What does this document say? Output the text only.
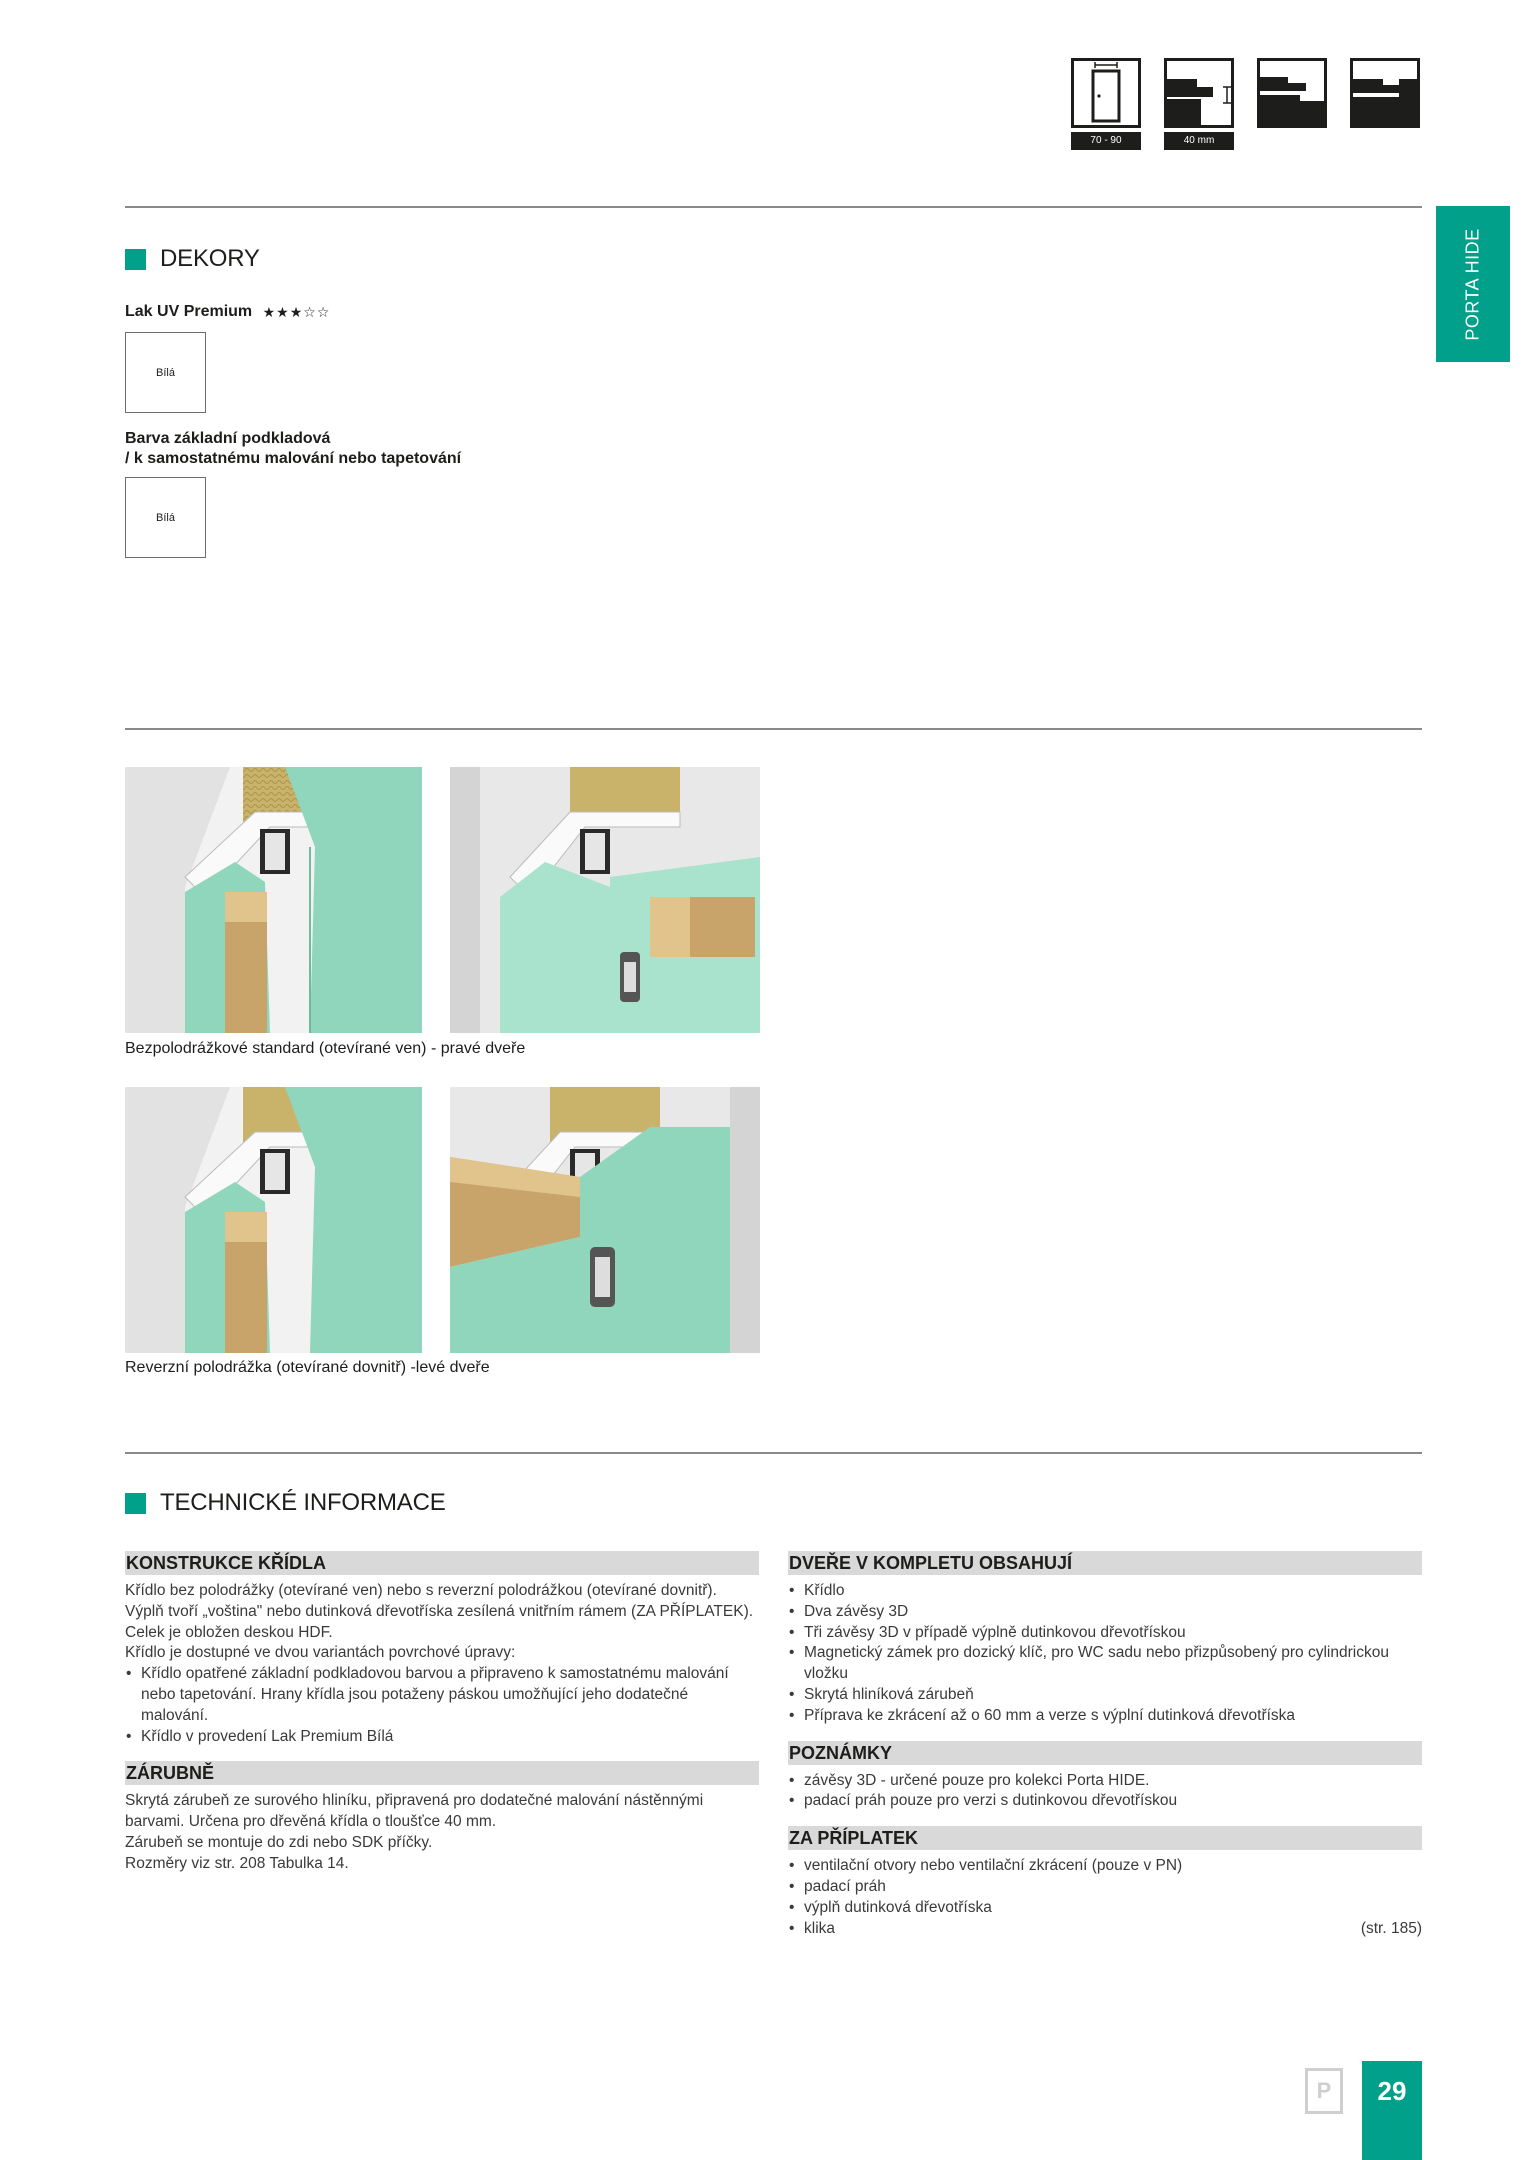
70 - 90	40 mm
PORTA HIDE
DEKORY
Lak UV Premium ★ ★ ★ ☆ ☆
Bílá
Barva základní podkladová
/ k samostatnému malování nebo tapetování
Bílá
Bezpolodrážkové standard (otevírané ven) - pravé dveře
Reverzní polodrážka (otevírané dovnitř) -levé dveře
TECHNICKÉ INFORMACE
KONSTRUKCE KŘÍDLA

Křídlo bez polodrážky (otevírané ven) nebo s reverzní polodrážkou (otevírané dovnitř).

Výplň tvoří „voština" nebo dutinková dřevotříska zesílená vnitřním rámem (ZA PŘÍPLATEK).

Celek je obložen deskou HDF.

Křídlo je dostupné ve dvou variantách povrchové úpravy:

• Křídlo opatřené základní podkladovou barvou a připraveno k samostatnému malování nebo tapetování. Hrany křídla jsou potaženy páskou umožňující jeho dodatečné malování.
• Křídlo v provedení Lak Premium Bílá
ZÁRUBNĚ

Skrytá zárubeň ze surového hliníku, připravená pro dodatečné malování nástěnnými barvami. Určena pro dřevěná křídla o tloušťce 40 mm.

Zárubeň se montuje do zdi nebo SDK příčky.

Rozměry viz str. 208 Tabulka 14.

DVEŘE V KOMPLETU OBSAHUJÍ
• Křídlo
• Dva závěsy 3D
• Tři závěsy 3D v případě výplně dutinkovou dřevotřískou
• Magnetický zámek pro dozický klíč, pro WC sadu nebo přizpůsobený pro cylindrickou vložku
• Skrytá hliníková zárubeň
• Příprava ke zkrácení až o 60 mm a verze s výplní dutinková dřevotříska
POZNÁMKY
• závěsy 3D - určené pouze pro kolekci Porta HIDE.
• padací práh pouze pro verzi s dutinkovou dřevotřískou
ZA PŘÍPLATEK
• ventilační otvory nebo ventilační zkrácení (pouze v PN)
• padací práh
• výplň dutinková dřevotříska
• klika	(str. 185)
P	29
